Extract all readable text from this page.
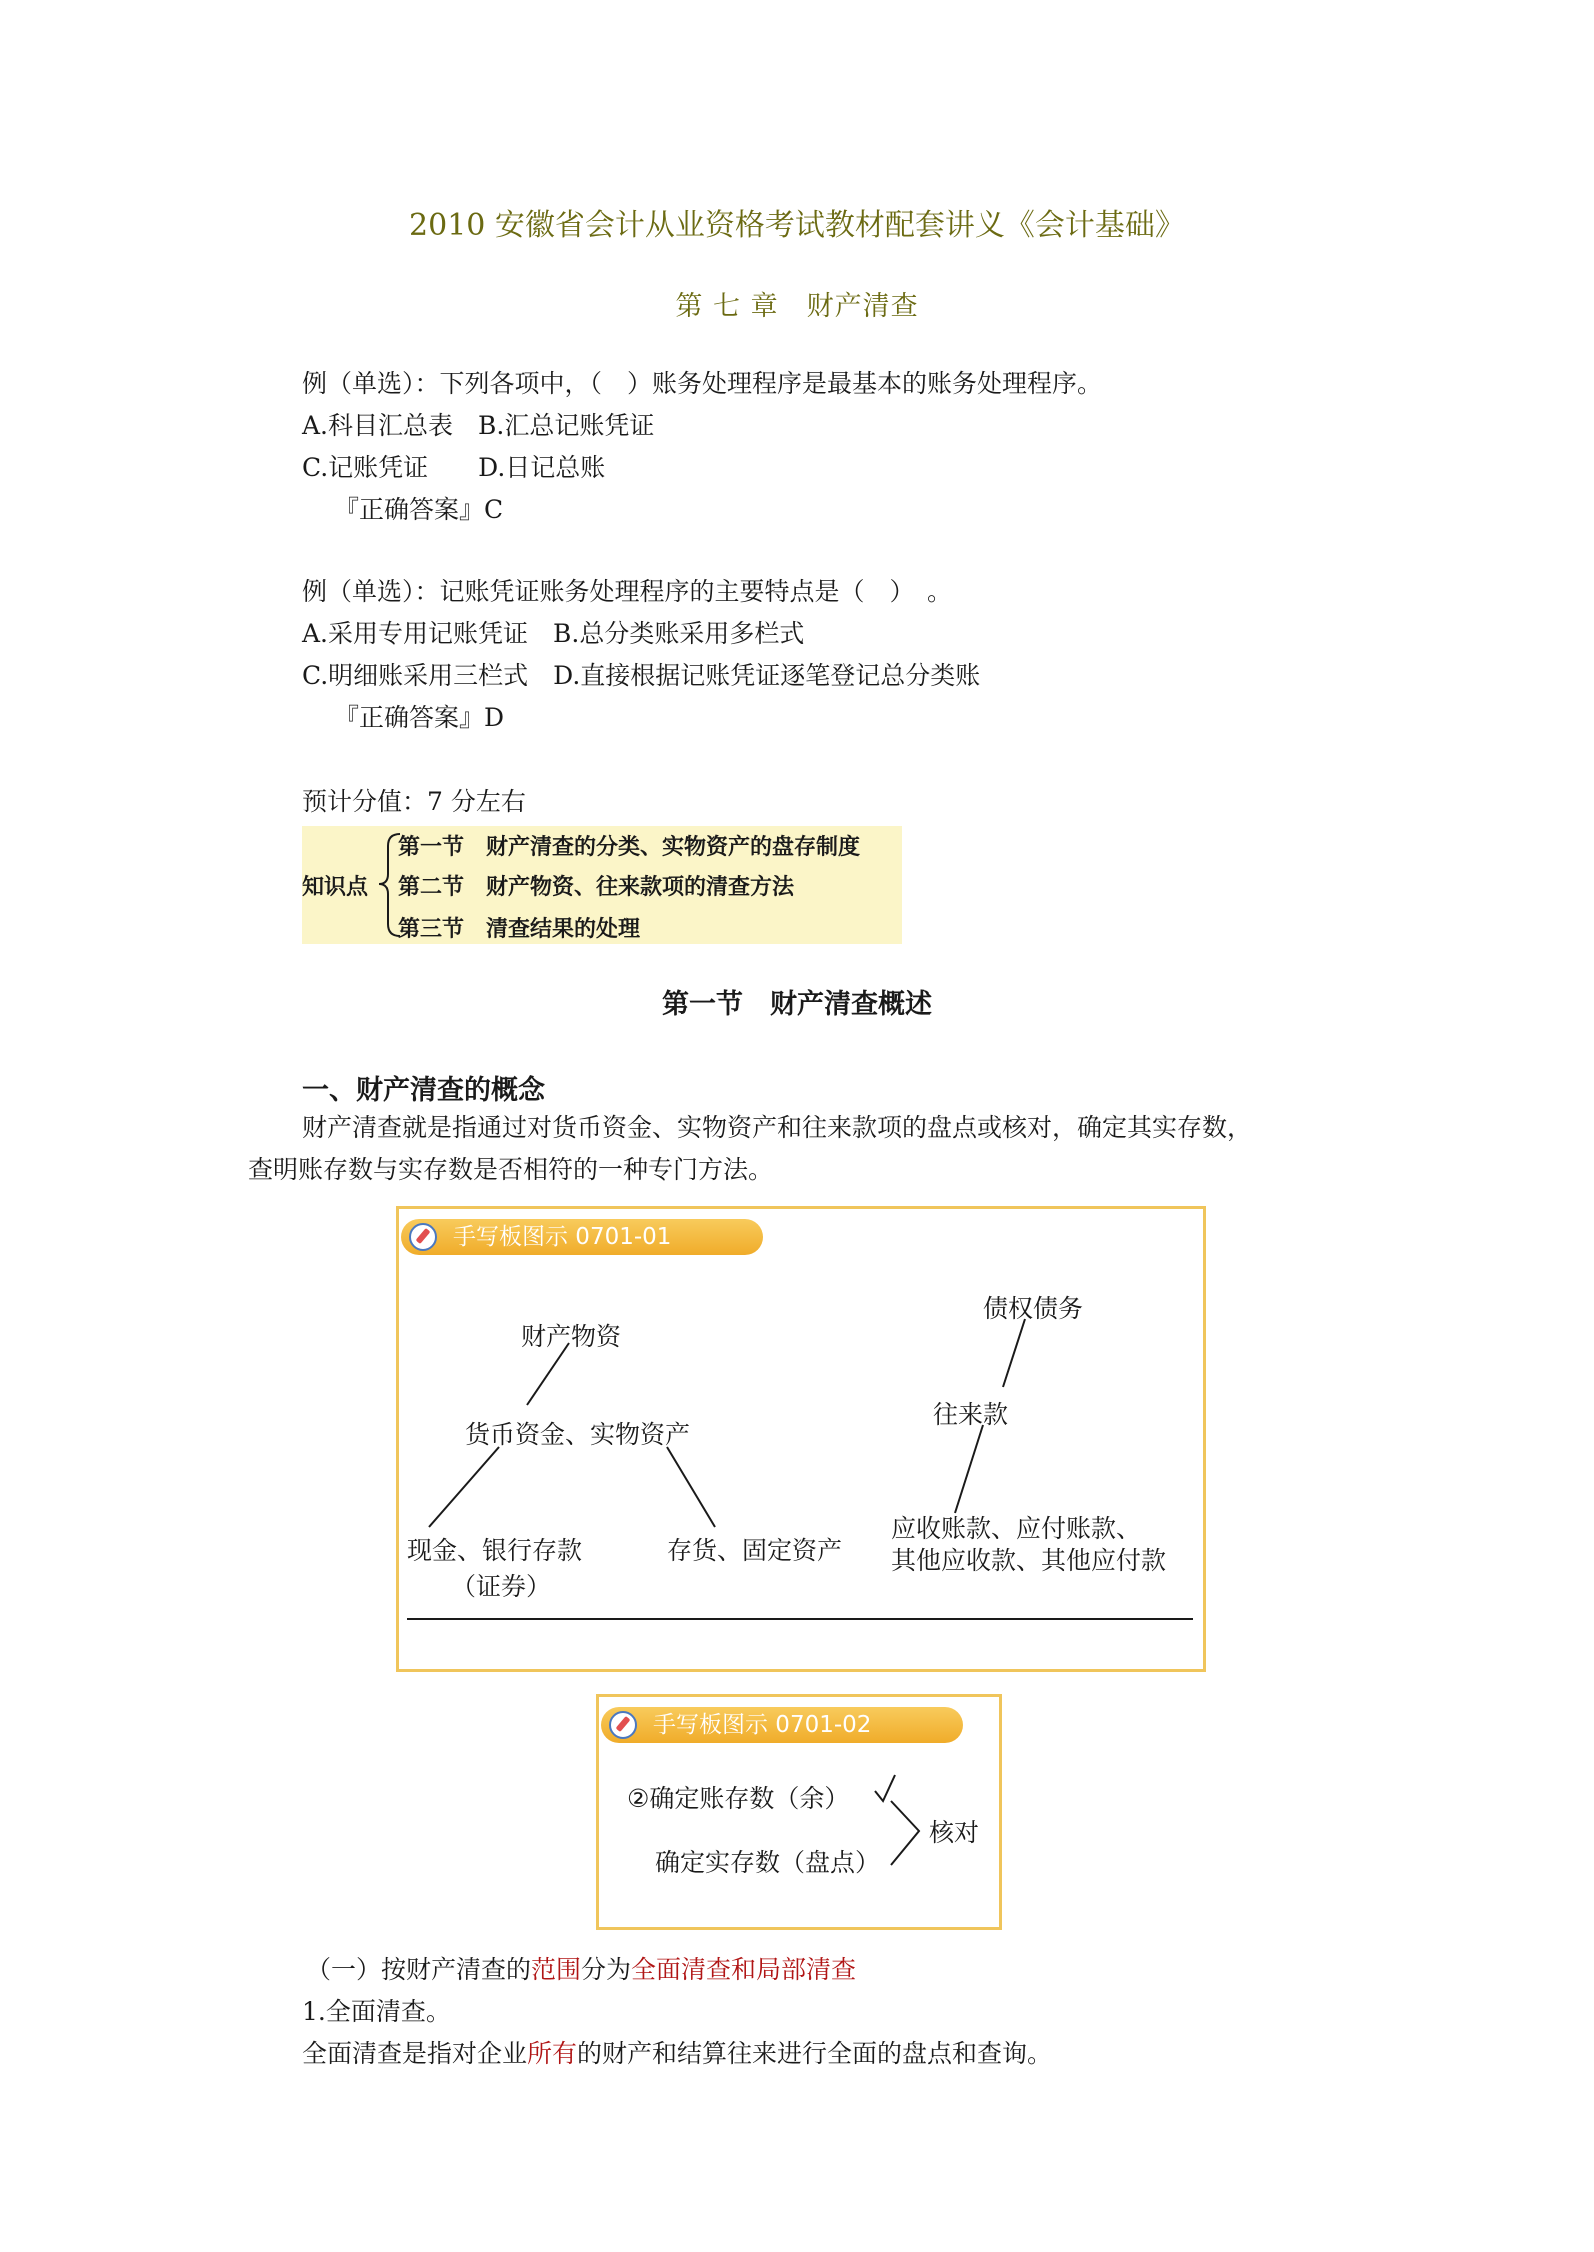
2010 安徽省会计从业资格考试教材配套讲义《会计基础》
第 七 章　财产清查
例（单选）：下列各项中，（　）账务处理程序是最基本的账务处理程序。
A.科目汇总表　B.汇总记账凭证
C.记账凭证　　D.日记总账
『正确答案』C
例（单选）：记账凭证账务处理程序的主要特点是（　）　。
A.采用专用记账凭证　B.总分类账采用多栏式
C.明细账采用三栏式　D.直接根据记账凭证逐笔登记总分类账
『正确答案』D
预计分值：7 分左右
知识点
第一节　财产清查的分类、实物资产的盘存制度
第二节　财产物资、往来款项的清查方法
第三节　清查结果的处理
第一节　财产清查概述
一、财产清查的概念
财产清查就是指通过对货币资金、实物资产和往来款项的盘点或核对，确定其实存数，
查明账存数与实存数是否相符的一种专门方法。
手写板图示 0701-01
财产物资
货币资金、实物资产
现金、银行存款
（证券）
存货、固定资产
债权债务
往来款
应收账款、应付账款、
其他应收款、其他应付款
手写板图示 0701-02
②确定账存数（余）
确定实存数（盘点）
核对
（一）按财产清查的范围分为全面清查和局部清查
1.全面清查。
全面清查是指对企业所有的财产和结算往来进行全面的盘点和查询。
